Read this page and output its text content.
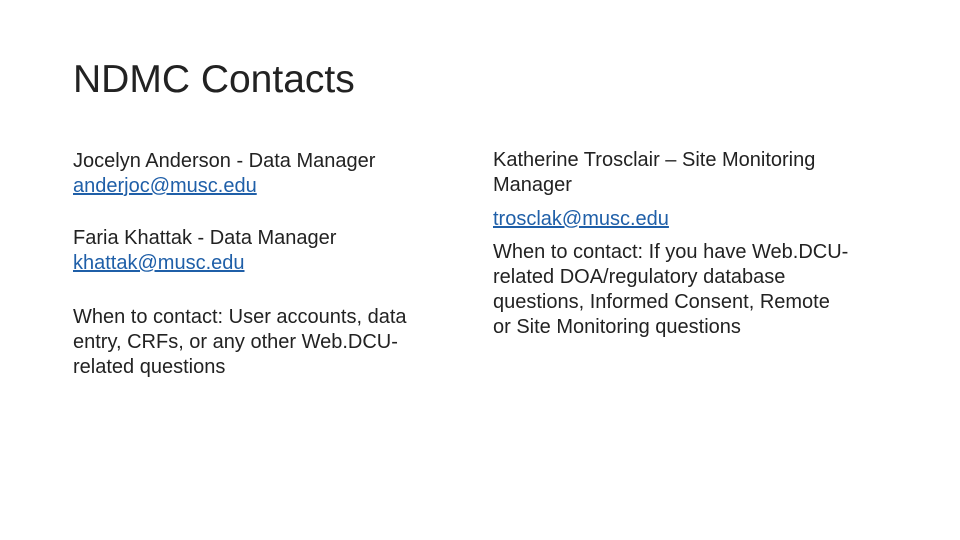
NDMC Contacts

Jocelyn Anderson - Data Manager

anderjoc@musc.edu

Faria Khattak - Data Manager

khattak@musc.edu
When to contact: User accounts, data
entry, CRFs, or any other Web.DCU-
related questions
Katherine Trosclair – Site Monitoring
Manager
trosclak@musc.edu
When to contact: If you have Web.DCU-
related DOA/regulatory database
questions, Informed Consent, Remote
or Site Monitoring questions
